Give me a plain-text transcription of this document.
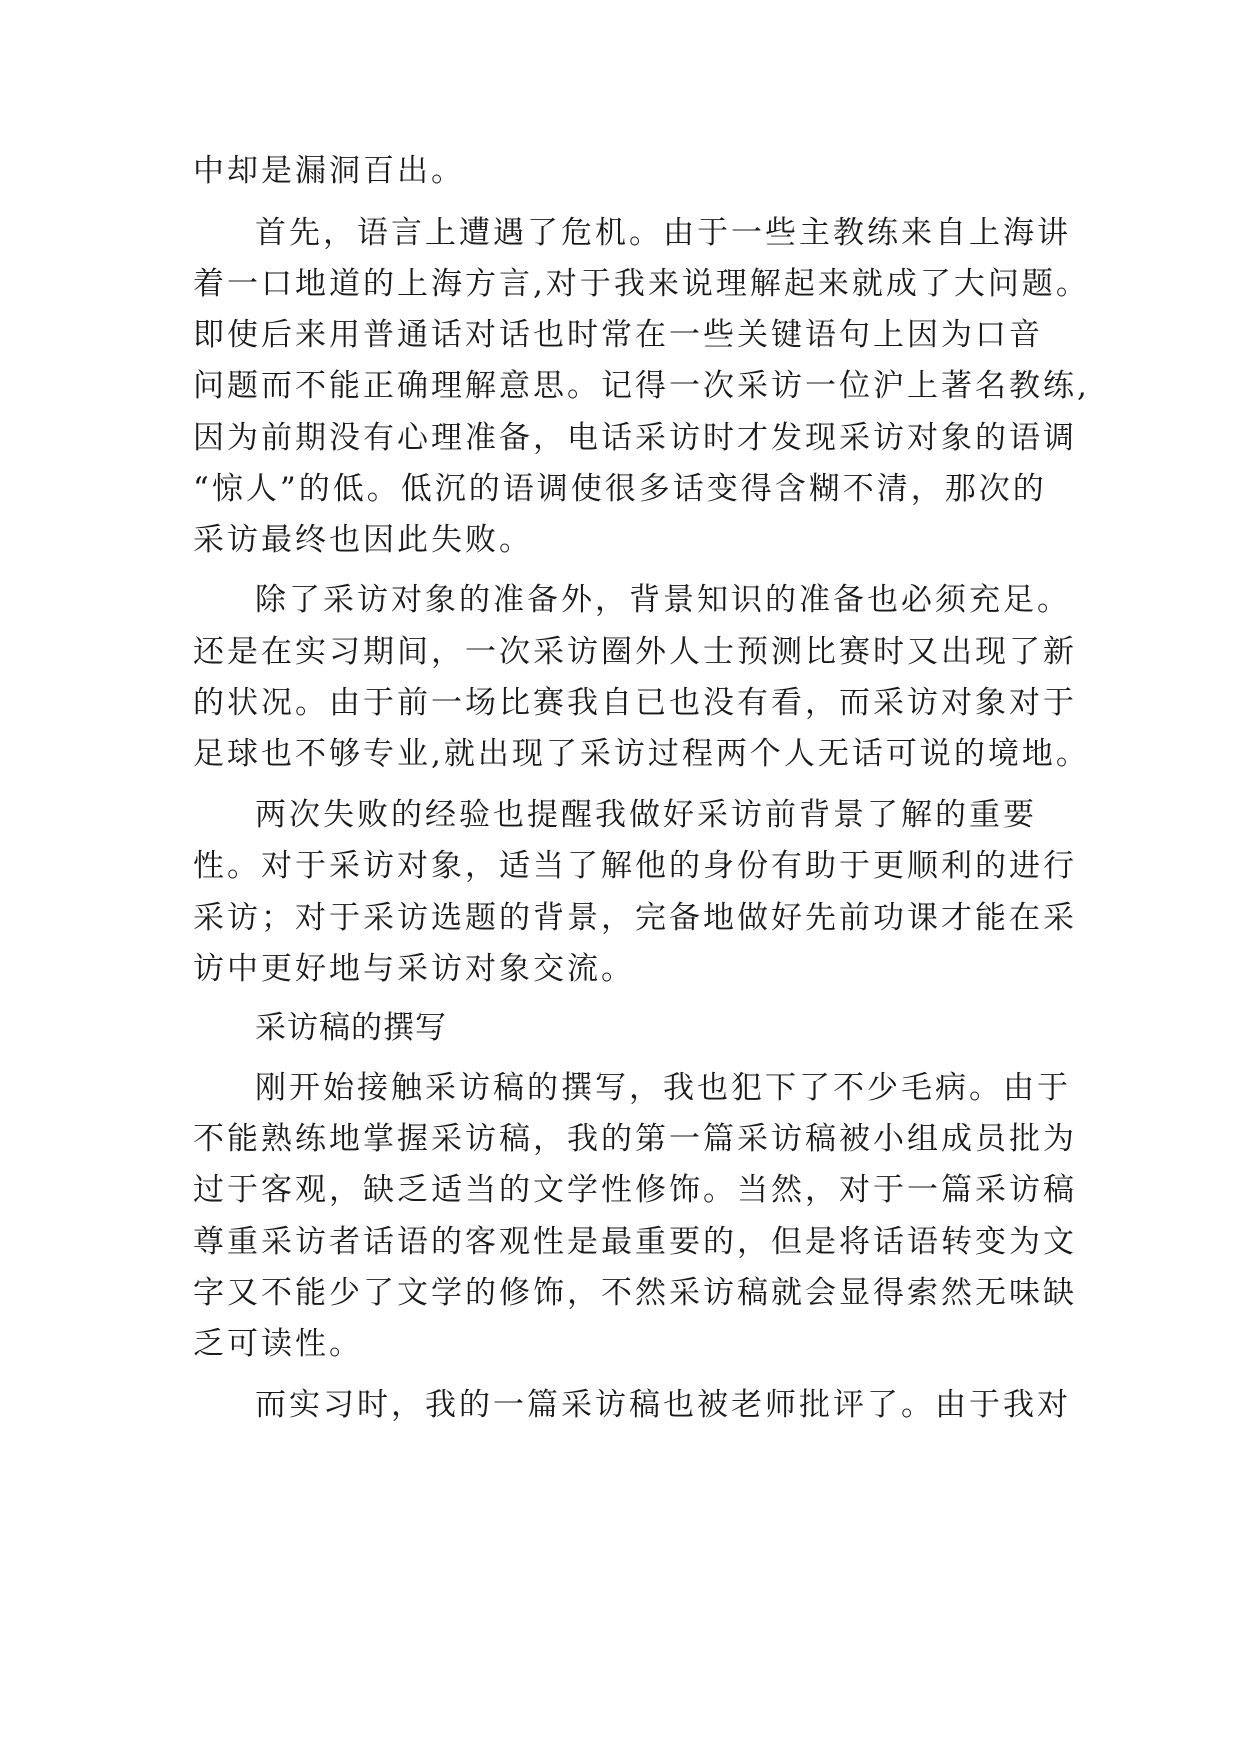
中却是漏洞百出。
首先，语言上遭遇了危机。由于一些主教练来自上海讲
着一口地道的上海方言,对于我来说理解起来就成了大问题。
即使后来用普通话对话也时常在一些关键语句上因为口音
问题而不能正确理解意思。记得一次采访一位沪上著名教练,
因为前期没有心理准备，电话采访时才发现采访对象的语调
“惊人”的低。低沉的语调使很多话变得含糊不清，那次的
采访最终也因此失败。
除了采访对象的准备外，背景知识的准备也必须充足。
还是在实习期间，一次采访圈外人士预测比赛时又出现了新
的状况。由于前一场比赛我自已也没有看，而采访对象对于
足球也不够专业,就出现了采访过程两个人无话可说的境地。
两次失败的经验也提醒我做好采访前背景了解的重要
性。对于采访对象，适当了解他的身份有助于更顺利的进行
采访；对于采访选题的背景，完备地做好先前功课才能在采
访中更好地与采访对象交流。
采访稿的撰写
刚开始接触采访稿的撰写，我也犯下了不少毛病。由于
不能熟练地掌握采访稿，我的第一篇采访稿被小组成员批为
过于客观，缺乏适当的文学性修饰。当然，对于一篇采访稿
尊重采访者话语的客观性是最重要的，但是将话语转变为文
字又不能少了文学的修饰，不然采访稿就会显得索然无味缺
乏可读性。
而实习时，我的一篇采访稿也被老师批评了。由于我对
